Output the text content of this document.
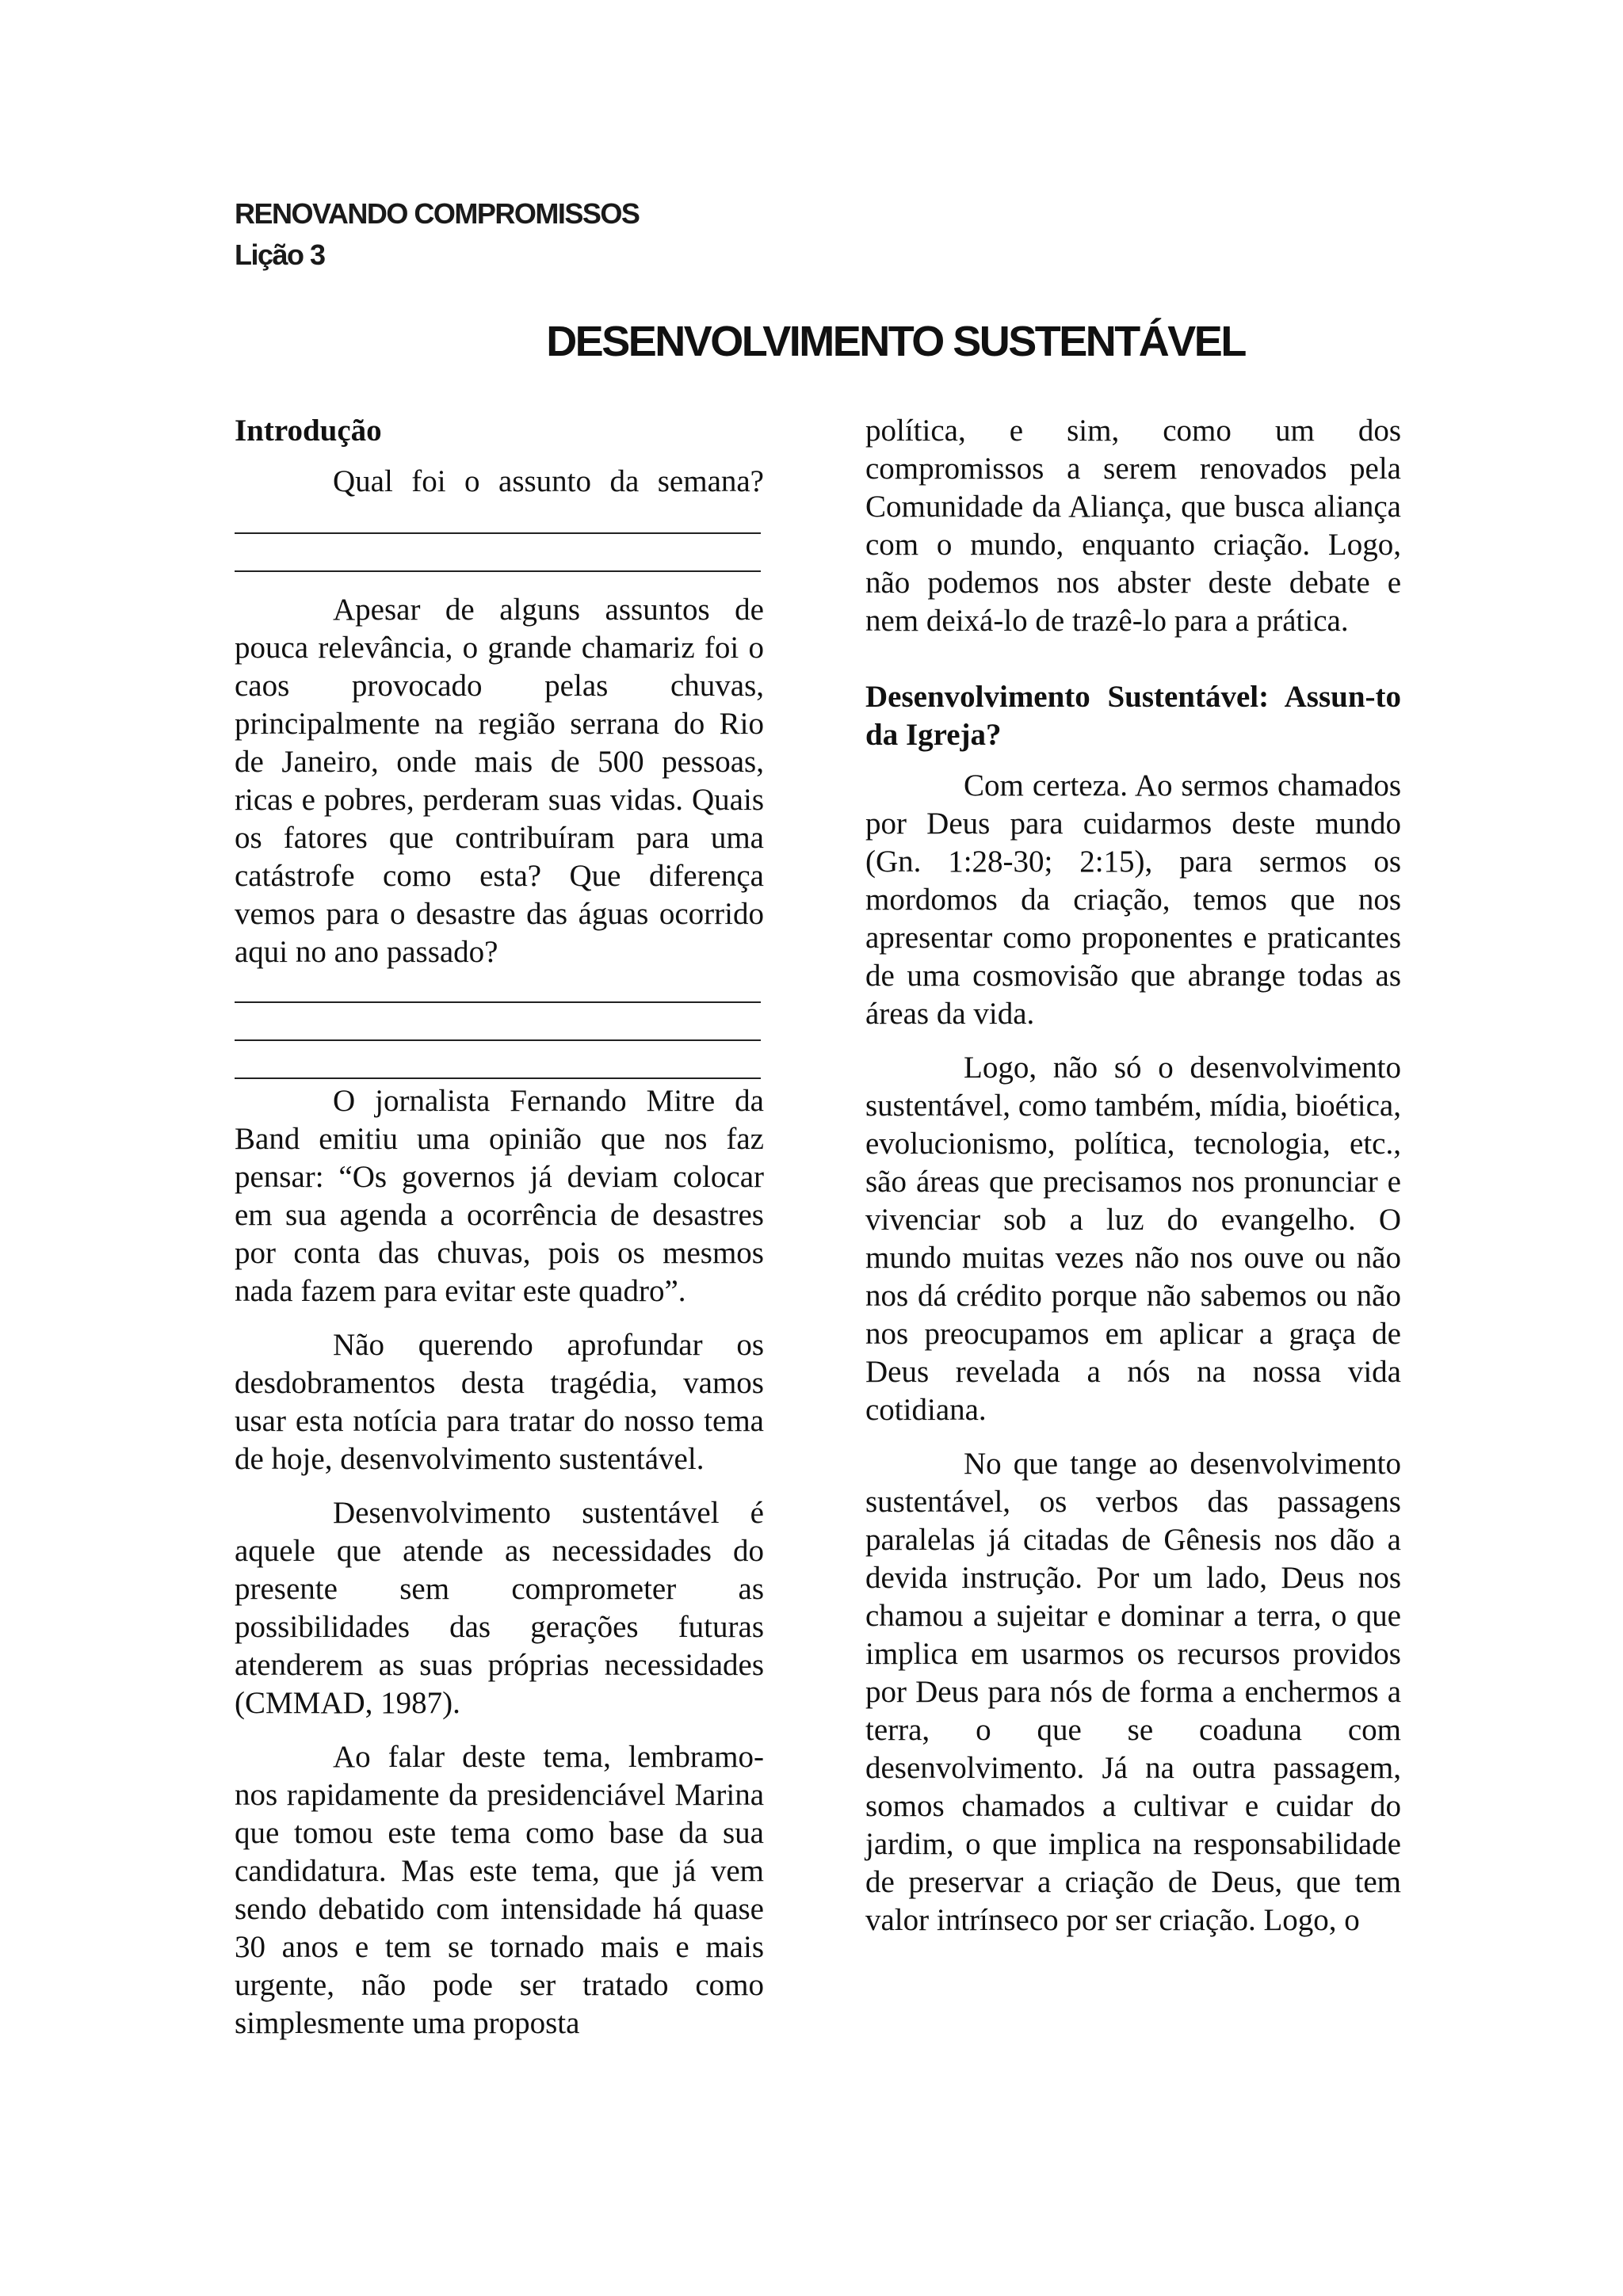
RENOVANDO COMPROMISSOS
Lição 3
DESENVOLVIMENTO SUSTENTÁVEL
Introdução

Qual foi o assunto da semana?

Apesar de alguns assuntos de pouca relevância, o grande chamariz foi o caos provocado pelas chuvas, principalmente na região serrana do Rio de Janeiro, onde mais de 500 pessoas, ricas e pobres, perderam suas vidas. Quais os fatores que contribuíram para uma catástrofe como esta? Que diferença vemos para o desastre das águas ocorrido aqui no ano passado?

O jornalista Fernando Mitre da Band emitiu uma opinião que nos faz pensar: “Os governos já deviam colocar em sua agenda a ocorrência de desastres por conta das chuvas, pois os mesmos nada fazem para evitar este quadro”.

Não querendo aprofundar os desdobramentos desta tragédia, vamos usar esta notícia para tratar do nosso tema de hoje, desenvolvimento sustentável.

Desenvolvimento sustentável é aquele que atende as necessidades do presente sem comprometer as possibilidades das gerações futuras atenderem as suas próprias necessidades (CMMAD, 1987).

Ao falar deste tema, lembramo-nos rapidamente da presidenciável Marina que tomou este tema como base da sua candidatura. Mas este tema, que já vem sendo debatido com intensidade há quase 30 anos e tem se tornado mais e mais urgente, não pode ser tratado como simplesmente uma proposta

política, e sim, como um dos compromissos a serem renovados pela Comunidade da Aliança, que busca aliança com o mundo, enquanto criação. Logo, não podemos nos abster deste debate e nem deixá-lo de trazê-lo para a prática.

Desenvolvimento Sustentável: Assun-to da Igreja?

Com certeza. Ao sermos chamados por Deus para cuidarmos deste mundo (Gn. 1:28-30; 2:15), para sermos os mordomos da criação, temos que nos apresentar como proponentes e praticantes de uma cosmovisão que abrange todas as áreas da vida.

Logo, não só o desenvolvimento sustentável, como também, mídia, bioética, evolucionismo, política, tecnologia, etc., são áreas que precisamos nos pronunciar e vivenciar sob a luz do evangelho. O mundo muitas vezes não nos ouve ou não nos dá crédito porque não sabemos ou não nos preocupamos em aplicar a graça de Deus revelada a nós na nossa vida cotidiana.

No que tange ao desenvolvimento sustentável, os verbos das passagens paralelas já citadas de Gênesis nos dão a devida instrução. Por um lado, Deus nos chamou a sujeitar e dominar a terra, o que implica em usarmos os recursos providos por Deus para nós de forma a enchermos a terra, o que se coaduna com desenvolvimento. Já na outra passagem, somos chamados a cultivar e cuidar do jardim, o que implica na responsabilidade de preservar a criação de Deus, que tem valor intrínseco por ser criação. Logo, o
